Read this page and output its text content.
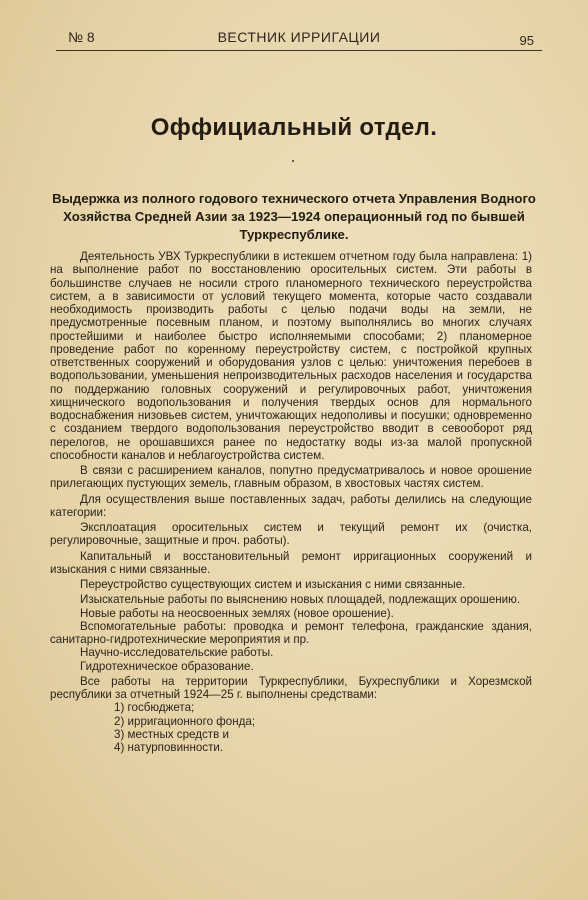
№ 8	ВЕСТНИК ИРРИГАЦИИ	95
Оффициальный отдел.
Выдержка из полного годового технического отчета Управления Водного Хозяйства Средней Азии за 1923—1924 операционный год по бывшей Туркреспублике.

Деятельность УВХ Туркреспублики в истекшем отчетном году была направлена: 1) на выполнение работ по восстановлению оросительных систем. Эти работы в большинстве случаев не носили строго планомерного технического переустройства систем, а в зависимости от условий текущего момента, которые часто создавали необходимость производить работы с целью подачи воды на земли, не предусмотренные посевным планом, и поэтому выполнялись во многих случаях простейшими и наиболее быстро исполняемыми способами; 2) планомерное проведение работ по коренному переустройству систем, с постройкой крупных ответственных сооружений и оборудования узлов с целью: уничтожения перебоев в водопользовании, уменьшения непроизводительных расходов населения и государства по поддержанию головных сооружений и регулировочных работ, уничтожения хищнического водопользования и получения твердых основ для нормального водоснабжения низовьев систем, уничтожающих недополивы и посушки; одновременно с созданием твердого водопользования переустройство вводит в севооборот ряд перелогов, не орошавшихся ранее по недостатку воды из-за малой пропускной способности каналов и неблагоустройства систем.

В связи с расширением каналов, попутно предусматривалось и новое орошение прилегающих пустующих земель, главным образом, в хвостовых частях систем.

Для осуществления выше поставленных задач, работы делились на следующие категории:

Эксплоатация оросительных систем и текущий ремонт их (очистка, регулировочные, защитные и проч. работы).

Капитальный и восстановительный ремонт ирригационных сооружений и изыскания с ними связанные.

Переустройство существующих систем и изыскания с ними связанные.

Изыскательные работы по выяснению новых площадей, подлежащих орошению.

Новые работы на неосвоенных землях (новое орошение).

Вспомогательные работы: проводка и ремонт телефона, гражданские здания, санитарно-гидротехнические мероприятия и пр.

Научно-исследовательские работы.

Гидротехническое образование.

Все работы на территории Туркреспублики, Бухреспублики и Хорезмской республики за отчетный 1924—25 г. выполнены средствами:

1) госбюджета;
2) ирригационного фонда;
3) местных средств и
4) натурповинности.
